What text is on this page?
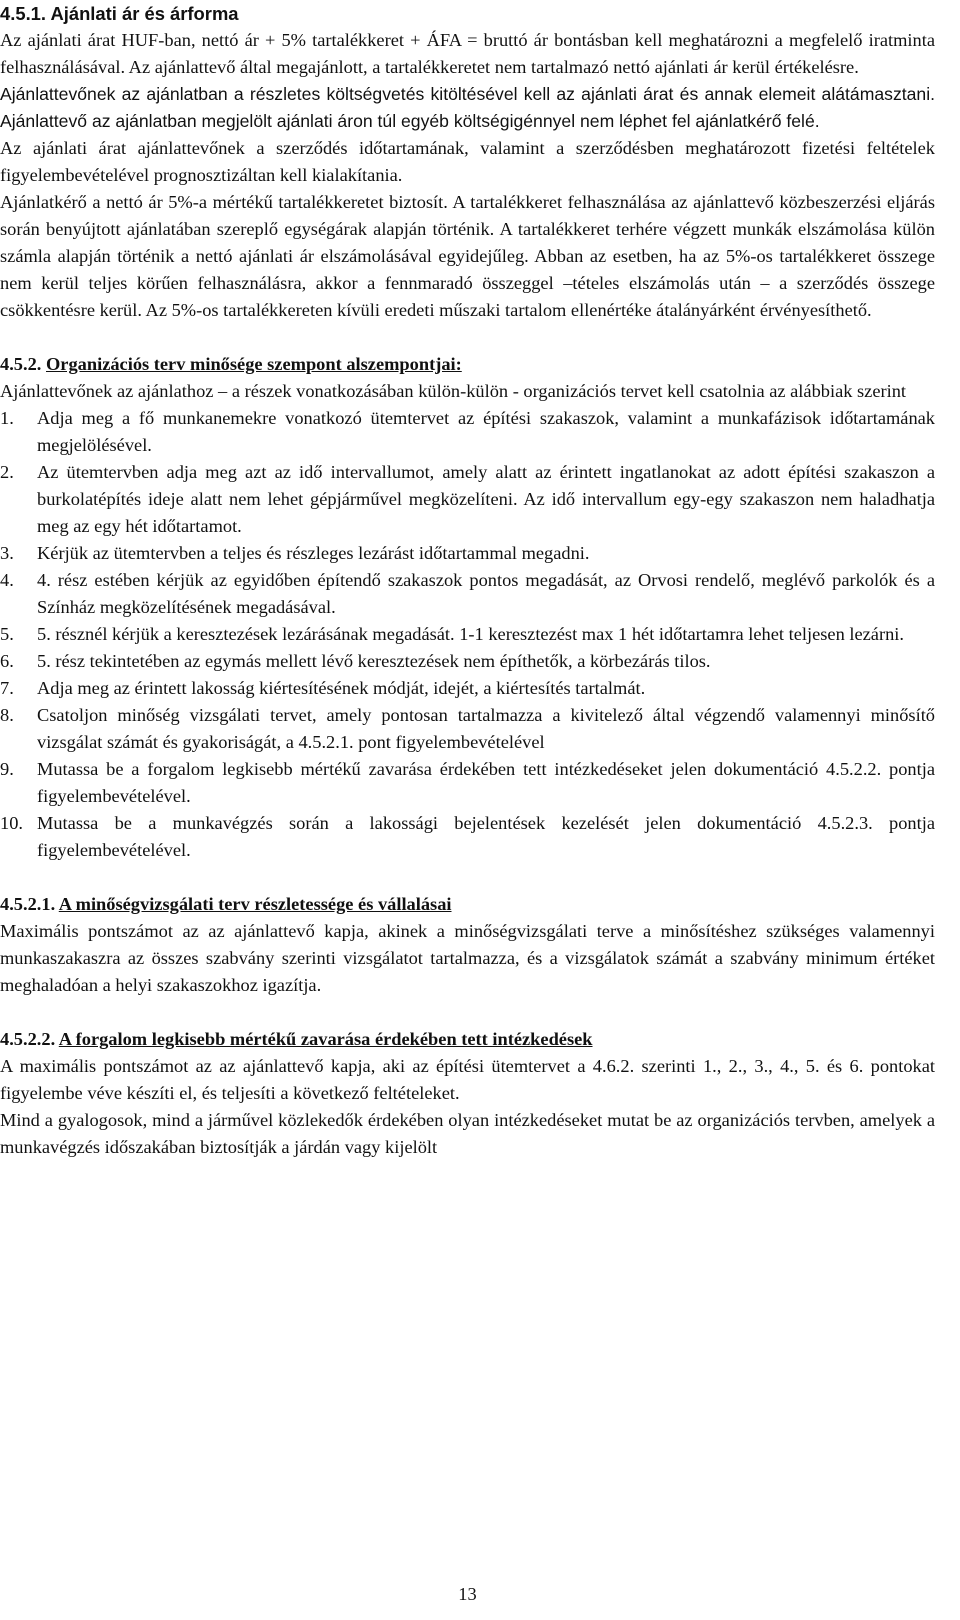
4.5.1. Ajánlati ár és árforma

Az ajánlati árat HUF-ban, nettó ár + 5% tartalékkeret + ÁFA = bruttó ár bontásban kell meghatározni a megfelelő iratminta felhasználásával. Az ajánlattevő által megajánlott, a tartalékkeretet nem tartalmazó nettó ajánlati ár kerül értékelésre.

Ajánlattevőnek az ajánlatban a részletes költségvetés kitöltésével kell az ajánlati árat és annak elemeit alátámasztani. Ajánlattevő az ajánlatban megjelölt ajánlati áron túl egyéb költségigénnyel nem léphet fel ajánlatkérő felé.

Az ajánlati árat ajánlattevőnek a szerződés időtartamának, valamint a szerződésben meghatározott fizetési feltételek figyelembevételével prognosztizáltan kell kialakítania.

Ajánlatkérő a nettó ár 5%-a mértékű tartalékkeretet biztosít. A tartalékkeret felhasználása az ajánlattevő közbeszerzési eljárás során benyújtott ajánlatában szereplő egységárak alapján történik. A tartalékkeret terhére végzett munkák elszámolása külön számla alapján történik a nettó ajánlati ár elszámolásával egyidejűleg. Abban az esetben, ha az 5%-os tartalékkeret összege nem kerül teljes körűen felhasználásra, akkor a fennmaradó összeggel –tételes elszámolás után – a szerződés összege csökkentésre kerül. Az 5%-os tartalékkereten kívüli eredeti műszaki tartalom ellenértéke átalányárként érvényesíthető.

4.5.2. Organizációs terv minősége szempont alszempontjai:

Ajánlattevőnek az ajánlathoz – a részek vonatkozásában külön-külön - organizációs tervet kell csatolnia az alábbiak szerint

1.	Adja meg a fő munkanemekre vonatkozó ütemtervet az építési szakaszok, valamint a munkafázisok időtartamának megjelölésével.
2.	Az ütemtervben adja meg azt az idő intervallumot, amely alatt az érintett ingatlanokat az adott építési szakaszon a burkolatépítés ideje alatt nem lehet gépjárművel megközelíteni. Az idő intervallum egy-egy szakaszon nem haladhatja meg az egy hét időtartamot.
3.	Kérjük az ütemtervben a teljes és részleges lezárást időtartammal megadni.
4.	4. rész estében kérjük az egyidőben építendő szakaszok pontos megadását, az Orvosi rendelő, meglévő parkolók és a Színház megközelítésének megadásával.
5.	5. résznél kérjük a keresztezések lezárásának megadását. 1-1 keresztezést max 1 hét időtartamra lehet teljesen lezárni.
6.	5. rész tekintetében az egymás mellett lévő keresztezések nem építhetők, a körbezárás tilos.
7.	Adja meg az érintett lakosság kiértesítésének módját, idejét, a kiértesítés tartalmát.
8.	Csatoljon minőség vizsgálati tervet, amely pontosan tartalmazza a kivitelező által végzendő valamennyi minősítő vizsgálat számát és gyakoriságát, a 4.5.2.1. pont figyelembevételével
9.	Mutassa be a forgalom legkisebb mértékű zavarása érdekében tett intézkedéseket jelen dokumentáció 4.5.2.2. pontja figyelembevételével.
10. Mutassa be a munkavégzés során a lakossági bejelentések kezelését jelen dokumentáció 4.5.2.3. pontja figyelembevételével.
4.5.2.1. A minőségvizsgálati terv részletessége és vállalásai

Maximális pontszámot az az ajánlattevő kapja, akinek a minőségvizsgálati terve a minősítéshez szükséges valamennyi munkaszakaszra az összes szabvány szerinti vizsgálatot tartalmazza, és a vizsgálatok számát a szabvány minimum értéket meghaladóan a helyi szakaszokhoz igazítja.

4.5.2.2. A forgalom legkisebb mértékű zavarása érdekében tett intézkedések

A maximális pontszámot az az ajánlattevő kapja, aki az építési ütemtervet a 4.6.2. szerinti 1., 2., 3., 4., 5. és 6. pontokat figyelembe véve készíti el, és teljesíti a következő feltételeket.

Mind a gyalogosok, mind a járművel közlekedők érdekében olyan intézkedéseket mutat be az organizációs tervben, amelyek a munkavégzés időszakában biztosítják a járdán vagy kijelölt

13
